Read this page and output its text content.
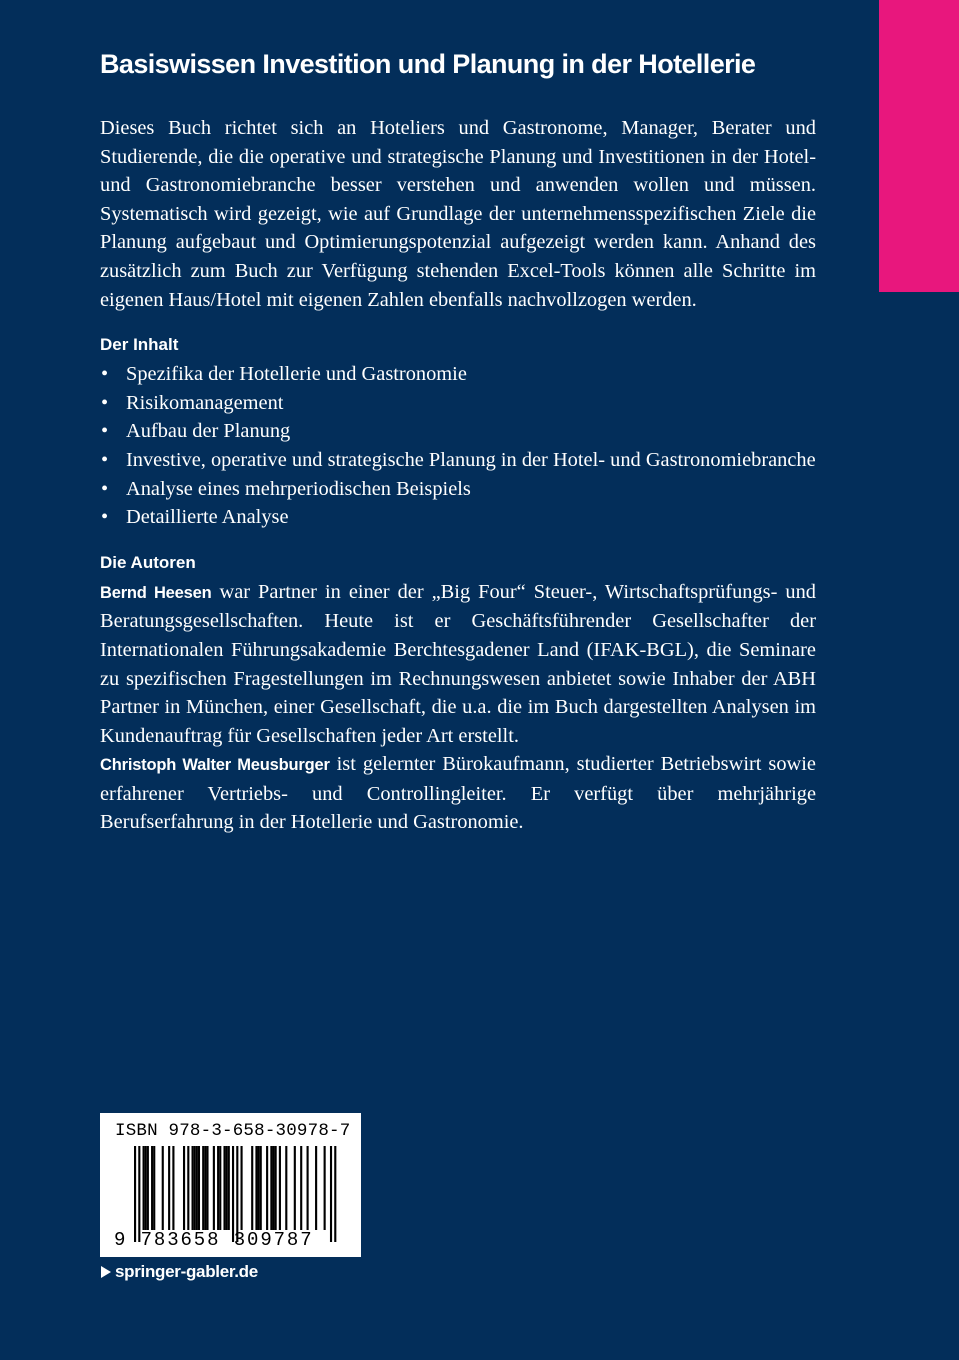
Basiswissen Investition und Planung in der Hotellerie

Dieses Buch richtet sich an Hoteliers und Gastronome, Manager, Berater und Studierende, die die operative und strategische Planung und Investitionen in der Hotel- und Gastronomiebranche besser verstehen und anwenden wollen und müssen. Systematisch wird gezeigt, wie auf Grundlage der unternehmensspezifischen Ziele die Planung aufgebaut und Optimierungspotenzial aufgezeigt werden kann. Anhand des zusätzlich zum Buch zur Verfügung stehenden Excel-Tools können alle Schritte im eigenen Haus/Hotel mit eigenen Zahlen ebenfalls nachvollzogen werden.

Der Inhalt
• Spezifika der Hotellerie und Gastronomie
• Risikomanagement
• Aufbau der Planung
• Investive, operative und strategische Planung in der Hotel- und Gastronomiebranche
• Analyse eines mehrperiodischen Beispiels
• Detaillierte Analyse
Die Autoren

Bernd Heesen war Partner in einer der „Big Four“ Steuer-, Wirtschaftsprüfungs- und Beratungsgesellschaften. Heute ist er Geschäftsführender Gesellschafter der Internationalen Führungsakademie Berchtesgadener Land (IFAK-BGL), die Seminare zu spezifischen Fragestellungen im Rechnungswesen anbietet sowie Inhaber der ABH Partner in München, einer Gesellschaft, die u.a. die im Buch dargestellten Analysen im Kundenauftrag für Gesellschaften jeder Art erstellt.
Christoph Walter Meusburger ist gelernter Bürokaufmann, studierter Betriebswirt sowie erfahrener Vertriebs- und Controllingleiter. Er verfügt über mehrjährige Berufserfahrung in der Hotellerie und Gastronomie.

ISBN 978-3-658-30978-7
9 783658 309787
springer-gabler.de
